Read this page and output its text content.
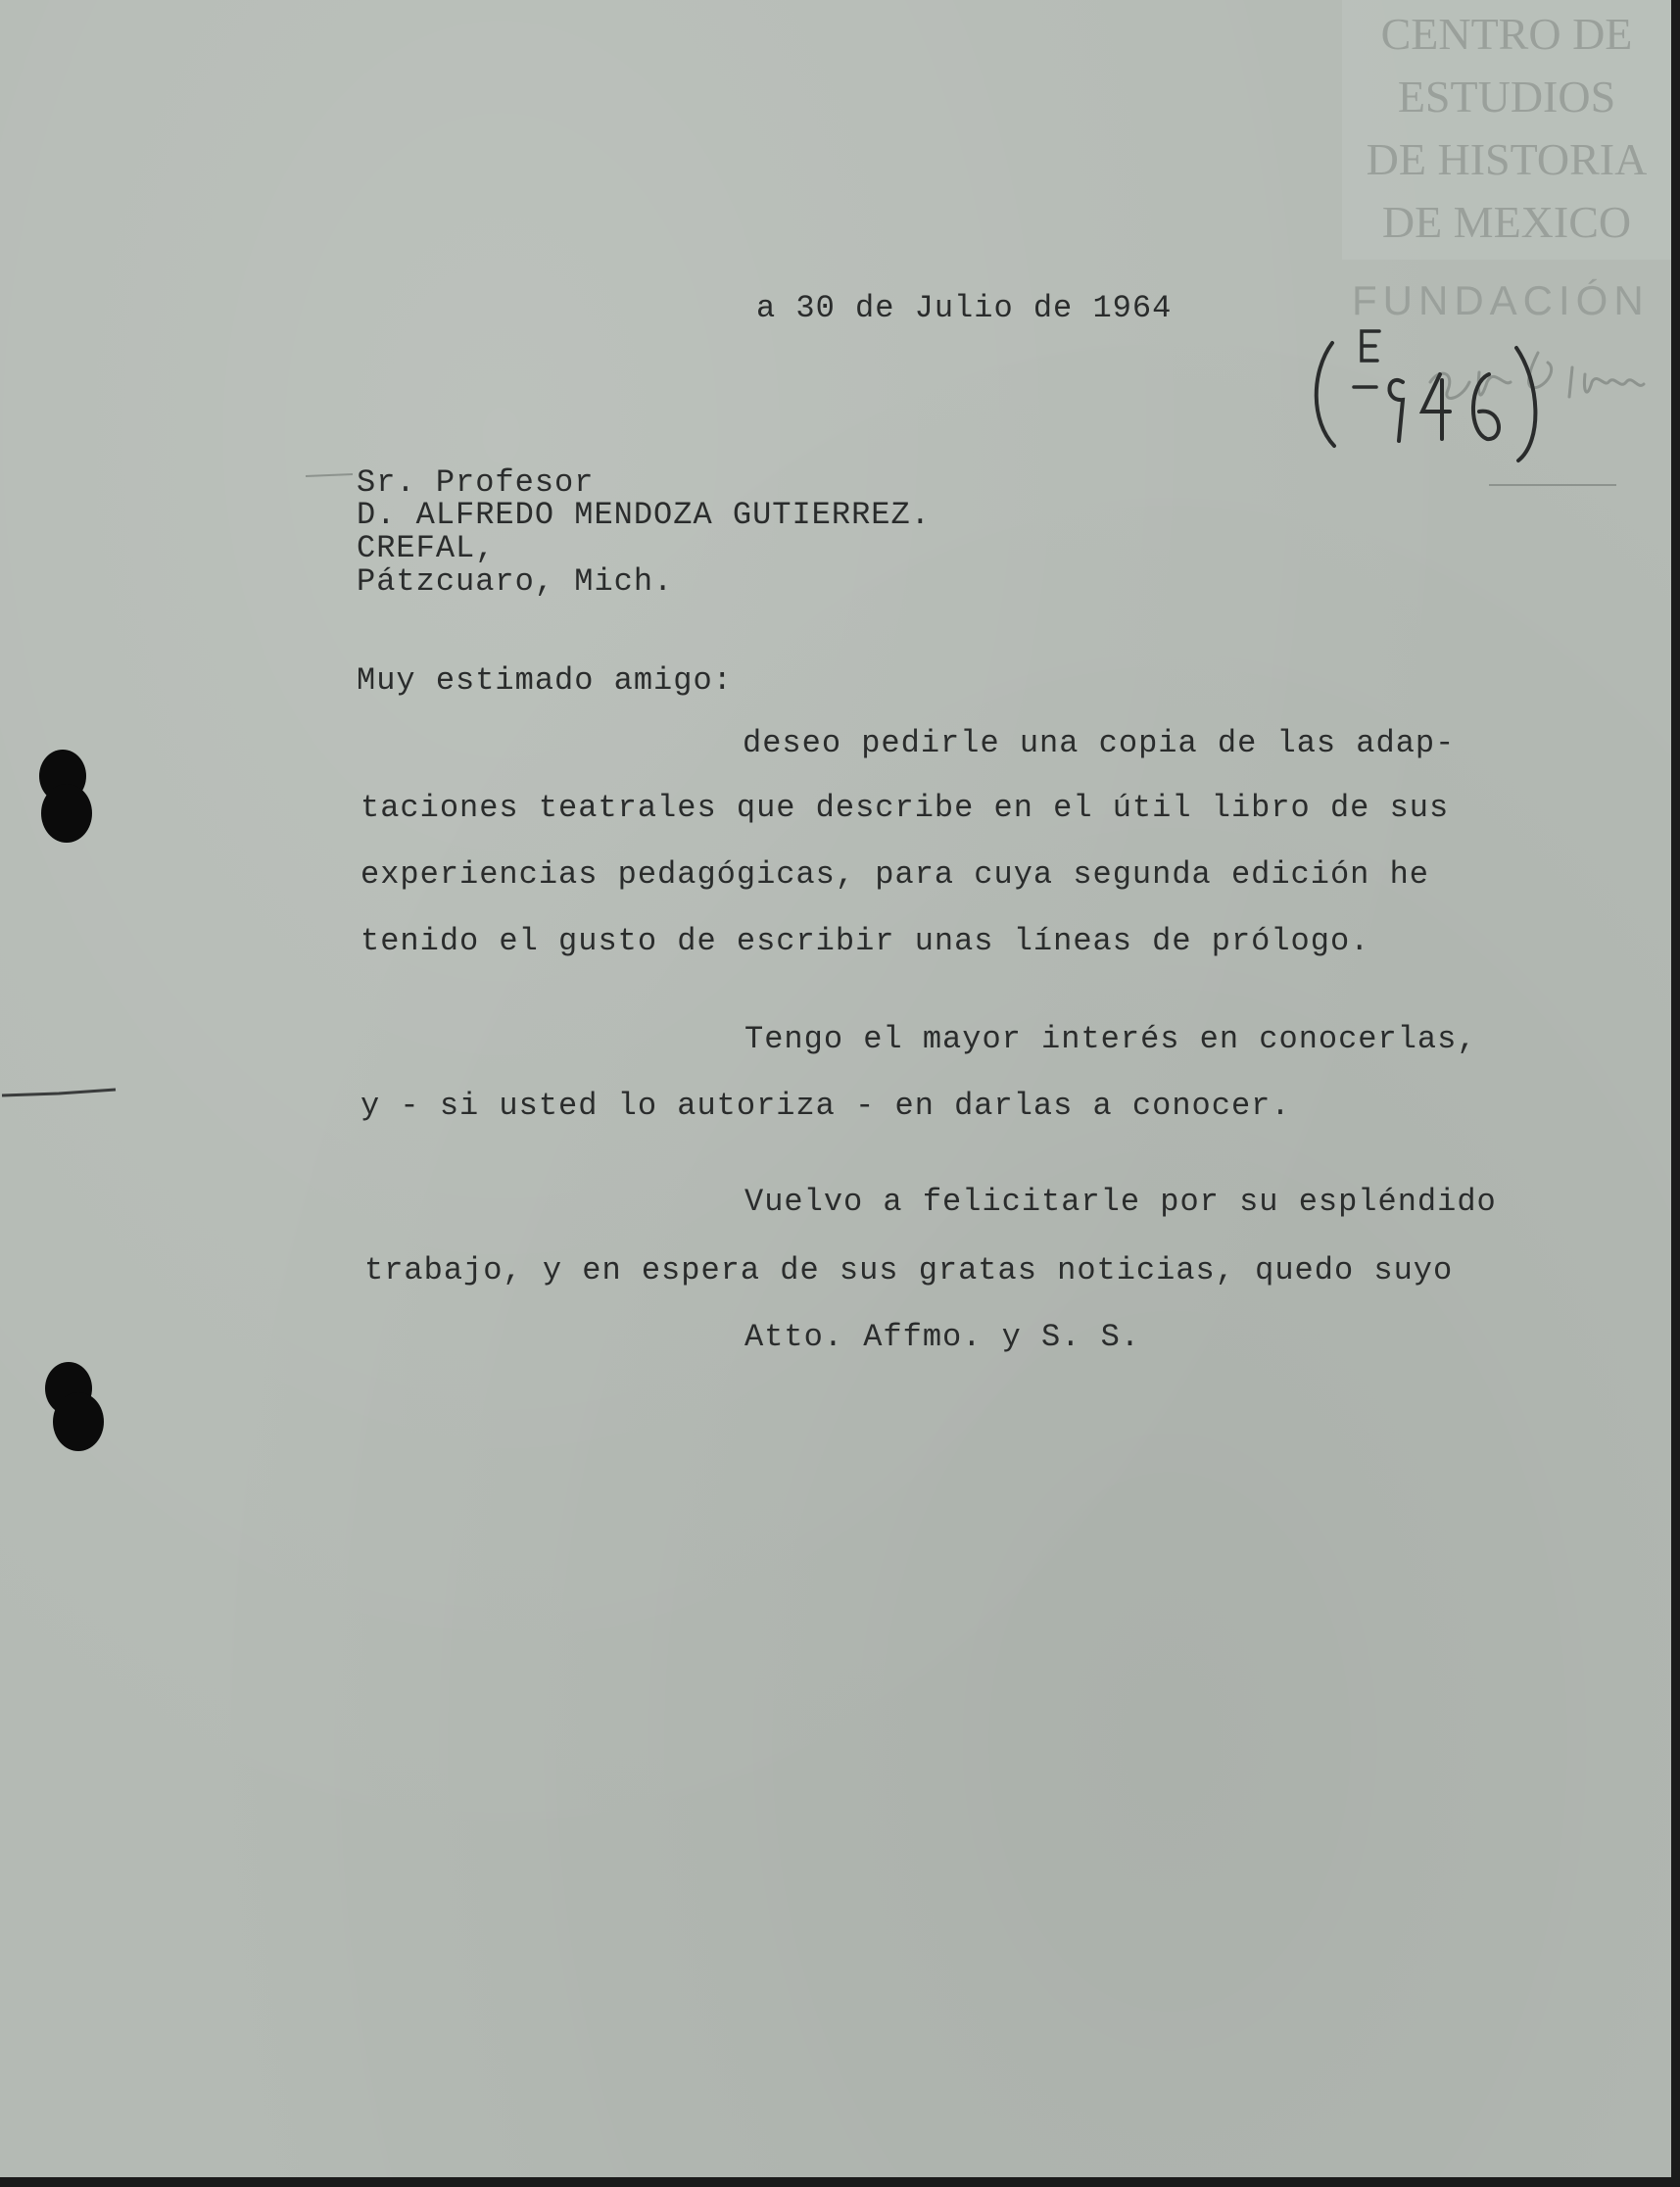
CENTRO DE
ESTUDIOS
DE HISTORIA
DE MEXICO
FUNDACIÓN
a 30 de Julio de 1964
Sr. Profesor
D. ALFREDO MENDOZA GUTIERREZ.
CREFAL,
Pátzcuaro, Mich.
Muy estimado amigo:
deseo pedirle una copia de las adap-
taciones teatrales que describe en el útil libro de sus
experiencias pedagógicas, para cuya segunda edición he
tenido el gusto de escribir unas líneas de prólogo.
Tengo el mayor interés en conocerlas,
y - si usted lo autoriza - en darlas a conocer.
Vuelvo a felicitarle por su espléndido
trabajo, y en espera de sus gratas noticias, quedo suyo
Atto. Affmo. y S. S.
